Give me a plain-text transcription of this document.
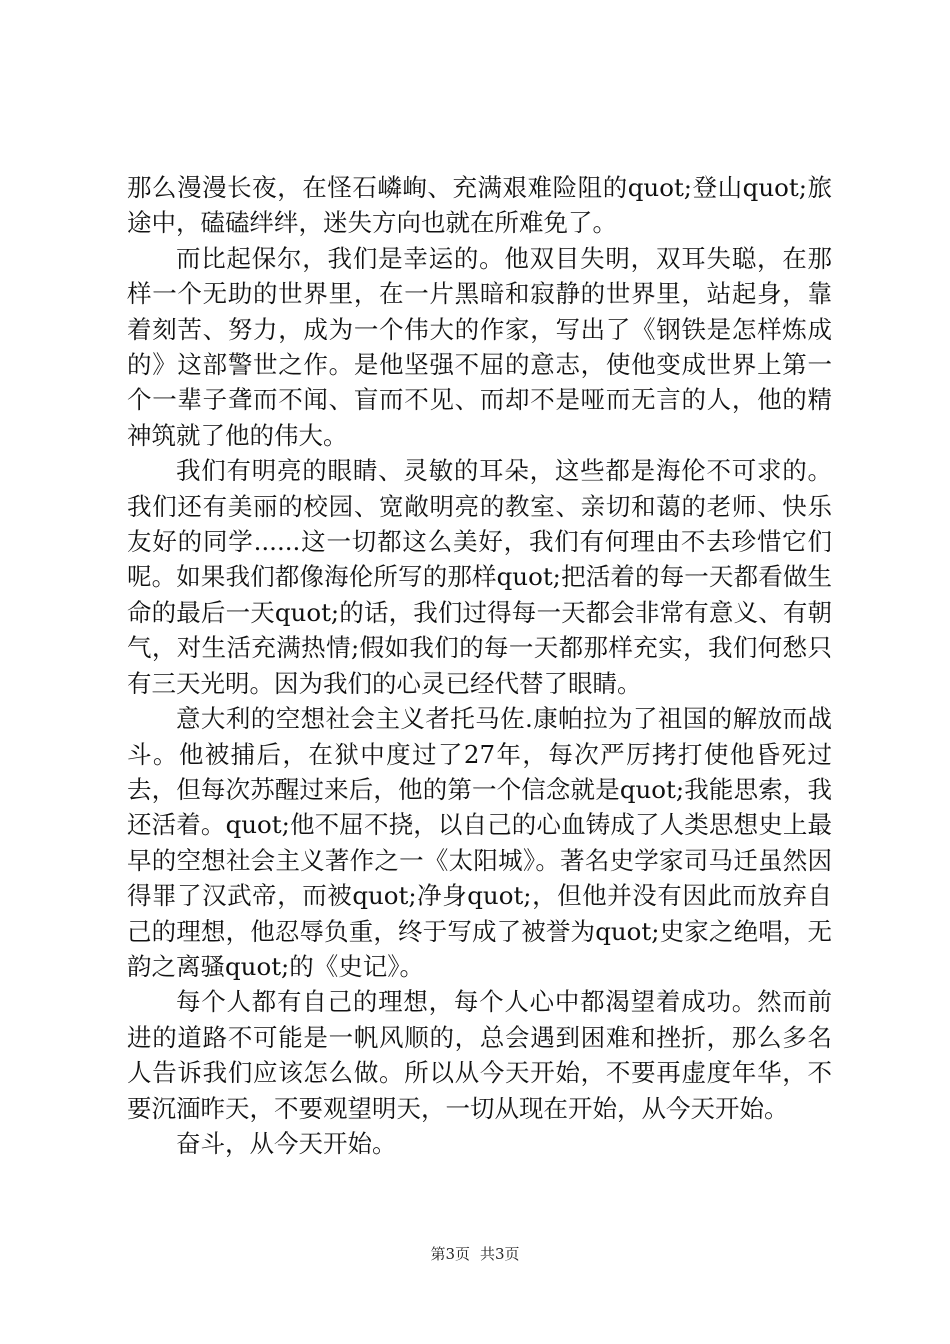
那么漫漫长夜，在怪石嶙峋、充满艰难险阻的quot;登山quot;旅途中，磕磕绊绊，迷失方向也就在所难免了。

而比起保尔，我们是幸运的。他双目失明，双耳失聪，在那样一个无助的世界里，在一片黑暗和寂静的世界里，站起身，靠着刻苦、努力，成为一个伟大的作家，写出了《钢铁是怎样炼成的》这部警世之作。是他坚强不屈的意志，使他变成世界上第一个一辈子聋而不闻、盲而不见、而却不是哑而无言的人，他的精神筑就了他的伟大。

我们有明亮的眼睛、灵敏的耳朵，这些都是海伦不可求的。我们还有美丽的校园、宽敞明亮的教室、亲切和蔼的老师、快乐友好的同学......这一切都这么美好，我们有何理由不去珍惜它们呢。如果我们都像海伦所写的那样quot;把活着的每一天都看做生命的最后一天quot;的话，我们过得每一天都会非常有意义、有朝气，对生活充满热情;假如我们的每一天都那样充实，我们何愁只有三天光明。因为我们的心灵已经代替了眼睛。

意大利的空想社会主义者托马佐.康帕拉为了祖国的解放而战斗。他被捕后，在狱中度过了27年，每次严厉拷打使他昏死过去，但每次苏醒过来后，他的第一个信念就是quot;我能思索，我还活着。quot;他不屈不挠，以自己的心血铸成了人类思想史上最早的空想社会主义著作之一《太阳城》。著名史学家司马迁虽然因得罪了汉武帝，而被quot;净身quot;，但他并没有因此而放弃自己的理想，他忍辱负重，终于写成了被誉为quot;史家之绝唱，无韵之离骚quot;的《史记》。

每个人都有自己的理想，每个人心中都渴望着成功。然而前进的道路不可能是一帆风顺的，总会遇到困难和挫折，那么多名人告诉我们应该怎么做。所以从今天开始，不要再虚度年华，不要沉湎昨天，不要观望明天，一切从现在开始，从今天开始。

奋斗，从今天开始。

第3页 共3页
